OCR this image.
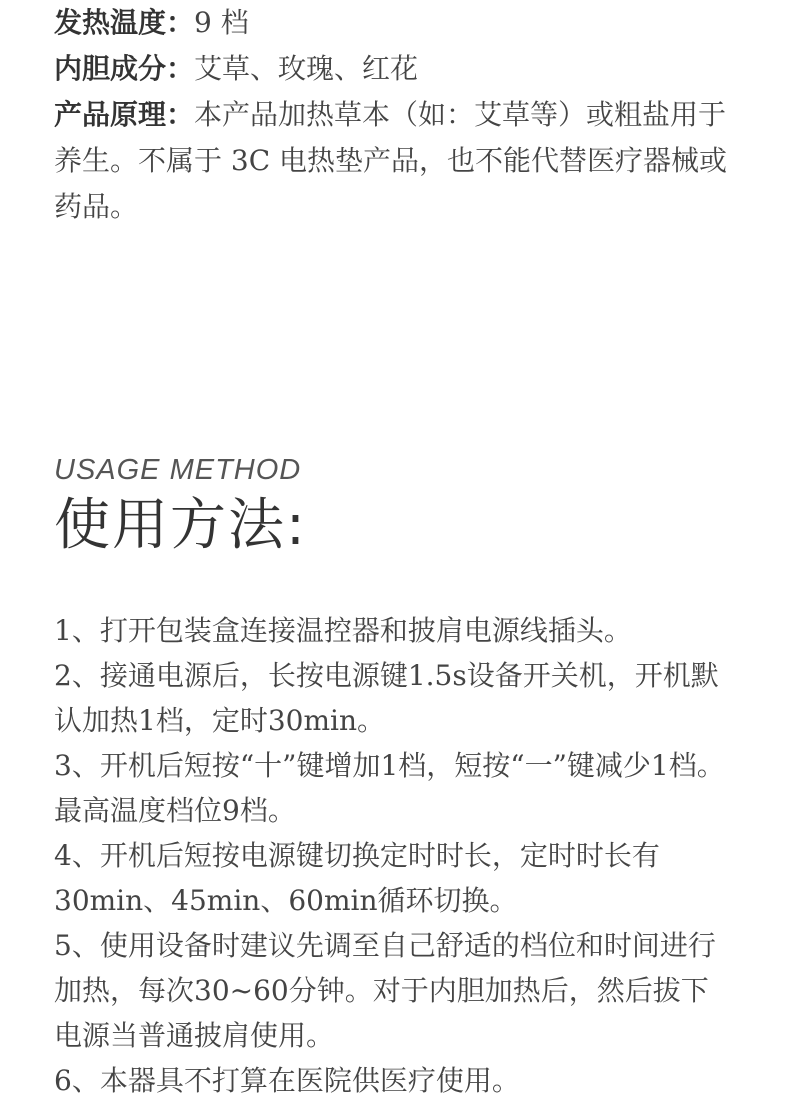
发热温度：9 档

内胆成分：艾草、玫瑰、红花

产品原理：本产品加热草本（如：艾草等）或粗盐用于养生。不属于 3C 电热垫产品，也不能代替医疗器械或药品。

USAGE METHOD
使用方法:

1、打开包装盒连接温控器和披肩电源线插头。

2、接通电源后，长按电源键1.5s设备开关机，开机默认加热1档，定时30min。

3、开机后短按“十”键增加1档，短按“一”键减少1档。最高温度档位9档。

4、开机后短按电源键切换定时时长，定时时长有30min、45min、60min循环切换。

5、使用设备时建议先调至自己舒适的档位和时间进行加热，每次30~60分钟。对于内胆加热后，然后拔下电源当普通披肩使用。

6、本器具不打算在医院供医疗使用。
